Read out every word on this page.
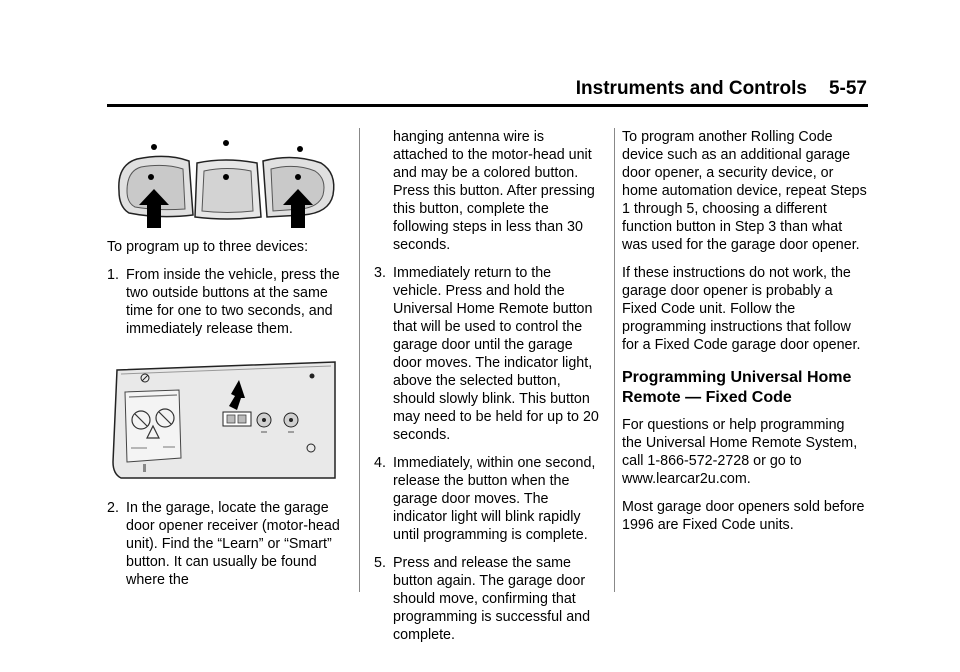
Instruments and Controls 5-57
To program up to three devices:
1. From inside the vehicle, press the two outside buttons at the same time for one to two seconds, and immediately release them.
2. In the garage, locate the garage door opener receiver (motor-head unit). Find the “Learn” or “Smart” button. It can usually be found where the
hanging antenna wire is attached to the motor-head unit and may be a colored button. Press this button. After pressing this button, complete the following steps in less than 30 seconds.
3. Immediately return to the vehicle. Press and hold the Universal Home Remote button that will be used to control the garage door until the garage door moves. The indicator light, above the selected button, should slowly blink. This button may need to be held for up to 20 seconds.
4. Immediately, within one second, release the button when the garage door moves. The indicator light will blink rapidly until programming is complete.
5. Press and release the same button again. The garage door should move, confirming that programming is successful and complete.
To program another Rolling Code device such as an additional garage door opener, a security device, or home automation device, repeat Steps 1 through 5, choosing a different function button in Step 3 than what was used for the garage door opener.
If these instructions do not work, the garage door opener is probably a Fixed Code unit. Follow the programming instructions that follow for a Fixed Code garage door opener.
Programming Universal Home Remote — Fixed Code
For questions or help programming the Universal Home Remote System, call 1-866-572-2728 or go to www.learcar2u.com.
Most garage door openers sold before 1996 are Fixed Code units.
